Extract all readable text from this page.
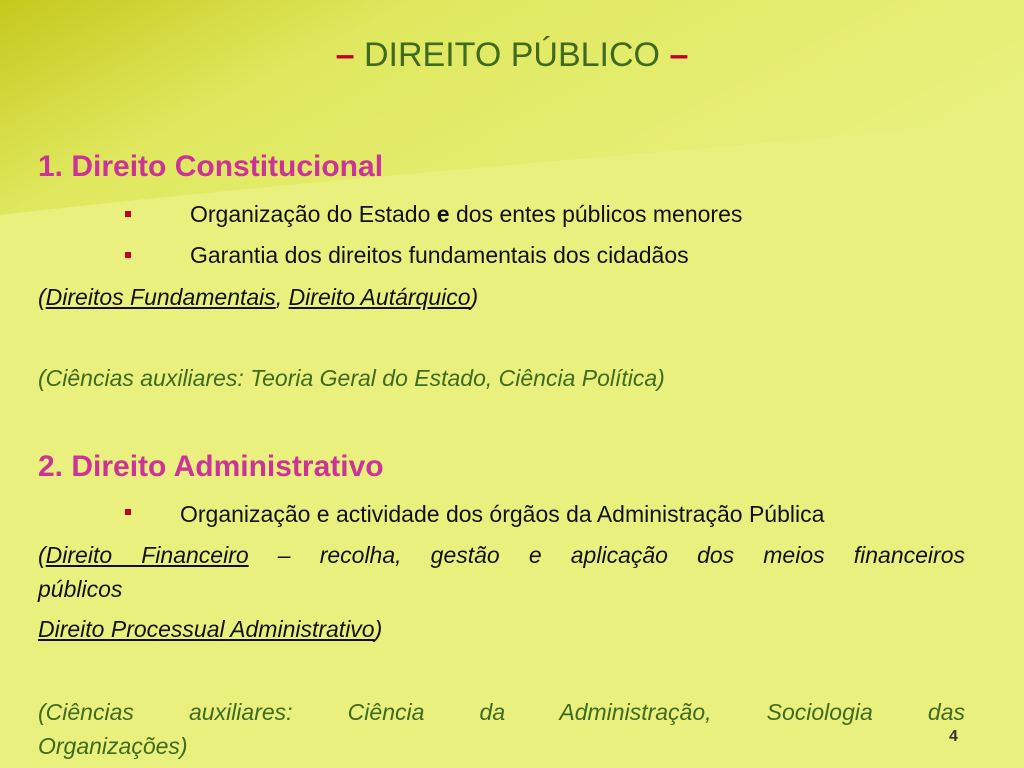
– DIREITO PÚBLICO –
1. Direito Constitucional
Organização do Estado e dos entes públicos menores
Garantia dos direitos fundamentais dos cidadãos
(Direitos Fundamentais, Direito Autárquico)
(Ciências auxiliares: Teoria Geral do Estado, Ciência Política)
2. Direito Administrativo
Organização e actividade dos órgãos da Administração Pública
(Direito Financeiro – recolha, gestão e aplicação dos meios financeiros
públicos
Direito Processual Administrativo)
(Ciências auxiliares: Ciência da Administração, Sociologia das
Organizações)	4
